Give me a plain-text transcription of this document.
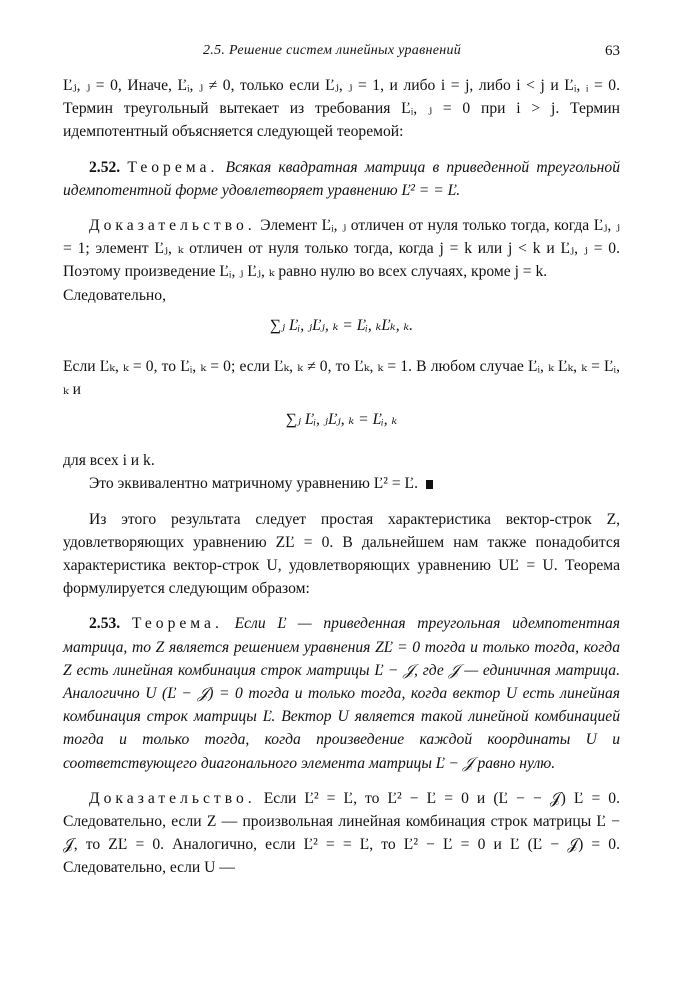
2.5. Решение систем линейных уравнений	63

Ľⱼ, ⱼ = 0, Иначе, Ľᵢ, ⱼ ≠ 0, только если Ľⱼ, ⱼ = 1, и либо i = j, либо i < j и Ľᵢ, ᵢ = 0. Термин треугольный вытекает из требования Ľᵢ, ⱼ = 0 при i > j. Термин идемпотентный объясняется следующей теоремой:

2.52. Теорема. Всякая квадратная матрица в приведенной треугольной идемпотентной форме удовлетворяет уравнению Ľ² = = Ľ.

Доказательство. Элемент Ľᵢ, ⱼ отличен от нуля только тогда, когда Ľⱼ, ⱼ = 1; элемент Ľⱼ, ₖ отличен от нуля только тогда, когда j = k или j < k и Ľⱼ, ⱼ = 0. Поэтому произведение Ľᵢ, ⱼ Ľⱼ, ₖ равно нулю во всех случаях, кроме j = k.

Следовательно,

∑ⱼ Ľᵢ, ⱼĽⱼ, ₖ = Ľᵢ, ₖĽₖ, ₖ.

Если Ľₖ, ₖ = 0, то Ľᵢ, ₖ = 0; если Ľₖ, ₖ ≠ 0, то Ľₖ, ₖ = 1. В любом случае Ľᵢ, ₖ Ľₖ, ₖ = Ľᵢ, ₖ и

∑ⱼ Ľᵢ, ⱼĽⱼ, ₖ = Ľᵢ, ₖ

для всех i и k.

Это эквивалентно матричному уравнению Ľ² = Ľ.

Из этого результата следует простая характеристика вектор-строк Z, удовлетворяющих уравнению ZĽ = 0. В дальнейшем нам также понадобится характеристика вектор-строк U, удовлетворяющих уравнению UĽ = U. Теорема формулируется следующим образом:

2.53. Теорема. Если Ľ — приведенная треугольная идемпотентная матрица, то Z является решением уравнения ZĽ = 0 тогда и только тогда, когда Z есть линейная комбинация строк матрицы Ľ − 𝒥, где 𝒥 — единичная матрица. Аналогично U (Ľ − 𝒥) = 0 тогда и только тогда, когда вектор U есть линейная комбинация строк матрицы Ľ. Вектор U является такой линейной комбинацией тогда и только тогда, когда произведение каждой координаты U и соответствующего диагонального элемента матрицы Ľ − 𝒥 равно нулю.

Доказательство. Если Ľ² = Ľ, то Ľ² − Ľ = 0 и (Ľ − − 𝒥) Ľ = 0. Следовательно, если Z — произвольная линейная комбинация строк матрицы Ľ − 𝒥, то ZĽ = 0. Аналогично, если Ľ² = = Ľ, то Ľ² − Ľ = 0 и Ľ (Ľ − 𝒥) = 0. Следовательно, если U —
